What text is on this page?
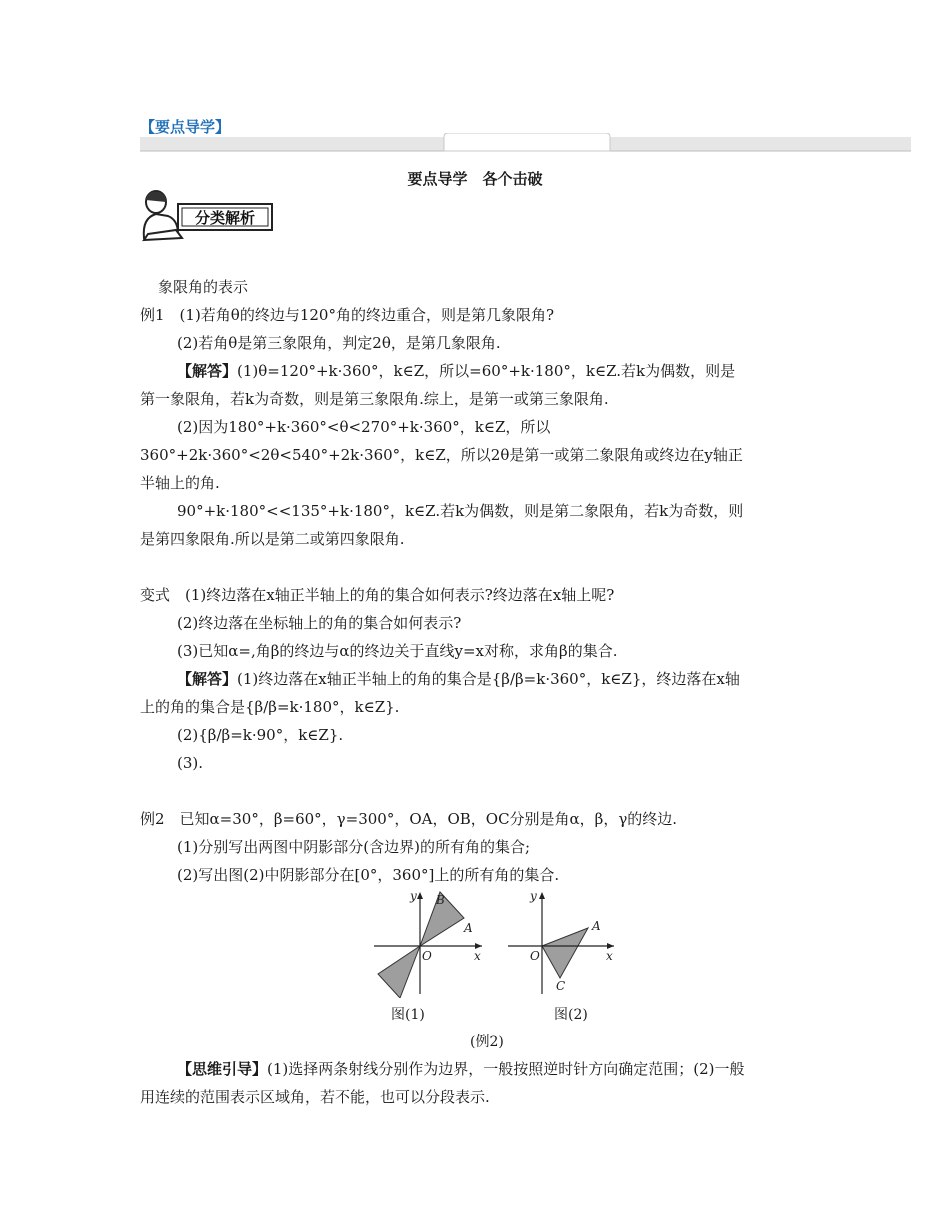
【要点导学】
要点导学　各个击破
分类解析
象限角的表示
例1　(1)若角θ的终边与120°角的终边重合，则是第几象限角?
(2)若角θ是第三象限角，判定2θ，是第几象限角.
【解答】(1)θ=120°+k·360°，k∈Z，所以=60°+k·180°，k∈Z.若k为偶数，则是
第一象限角，若k为奇数，则是第三象限角.综上，是第一或第三象限角.
(2)因为180°+k·360°<θ<270°+k·360°，k∈Z，所以
360°+2k·360°<2θ<540°+2k·360°，k∈Z，所以2θ是第一或第二象限角或终边在y轴正
半轴上的角.
90°+k·180°<<135°+k·180°，k∈Z.若k为偶数，则是第二象限角，若k为奇数，则
是第四象限角.所以是第二或第四象限角.
变式　(1)终边落在x轴正半轴上的角的集合如何表示?终边落在x轴上呢?
(2)终边落在坐标轴上的角的集合如何表示?
(3)已知α=,角β的终边与α的终边关于直线y=x对称，求角β的集合.
【解答】(1)终边落在x轴正半轴上的角的集合是{β/β=k·360°，k∈Z}，终边落在x轴
上的角的集合是{β/β=k·180°，k∈Z}.
(2){β/β=k·90°，k∈Z}.
(3).
例2　已知α=30°，β=60°，γ=300°，OA，OB，OC分别是角α，β，γ的终边.
(1)分别写出两图中阴影部分(含边界)的所有角的集合;
(2)写出图(2)中阴影部分在[0°，360°]上的所有角的集合.
y
x
O
B
A
y
x
O
A
C
图(1)	图(2)
(例2)
【思维引导】(1)选择两条射线分别作为边界，一般按照逆时针方向确定范围；(2)一般
用连续的范围表示区域角，若不能，也可以分段表示.
